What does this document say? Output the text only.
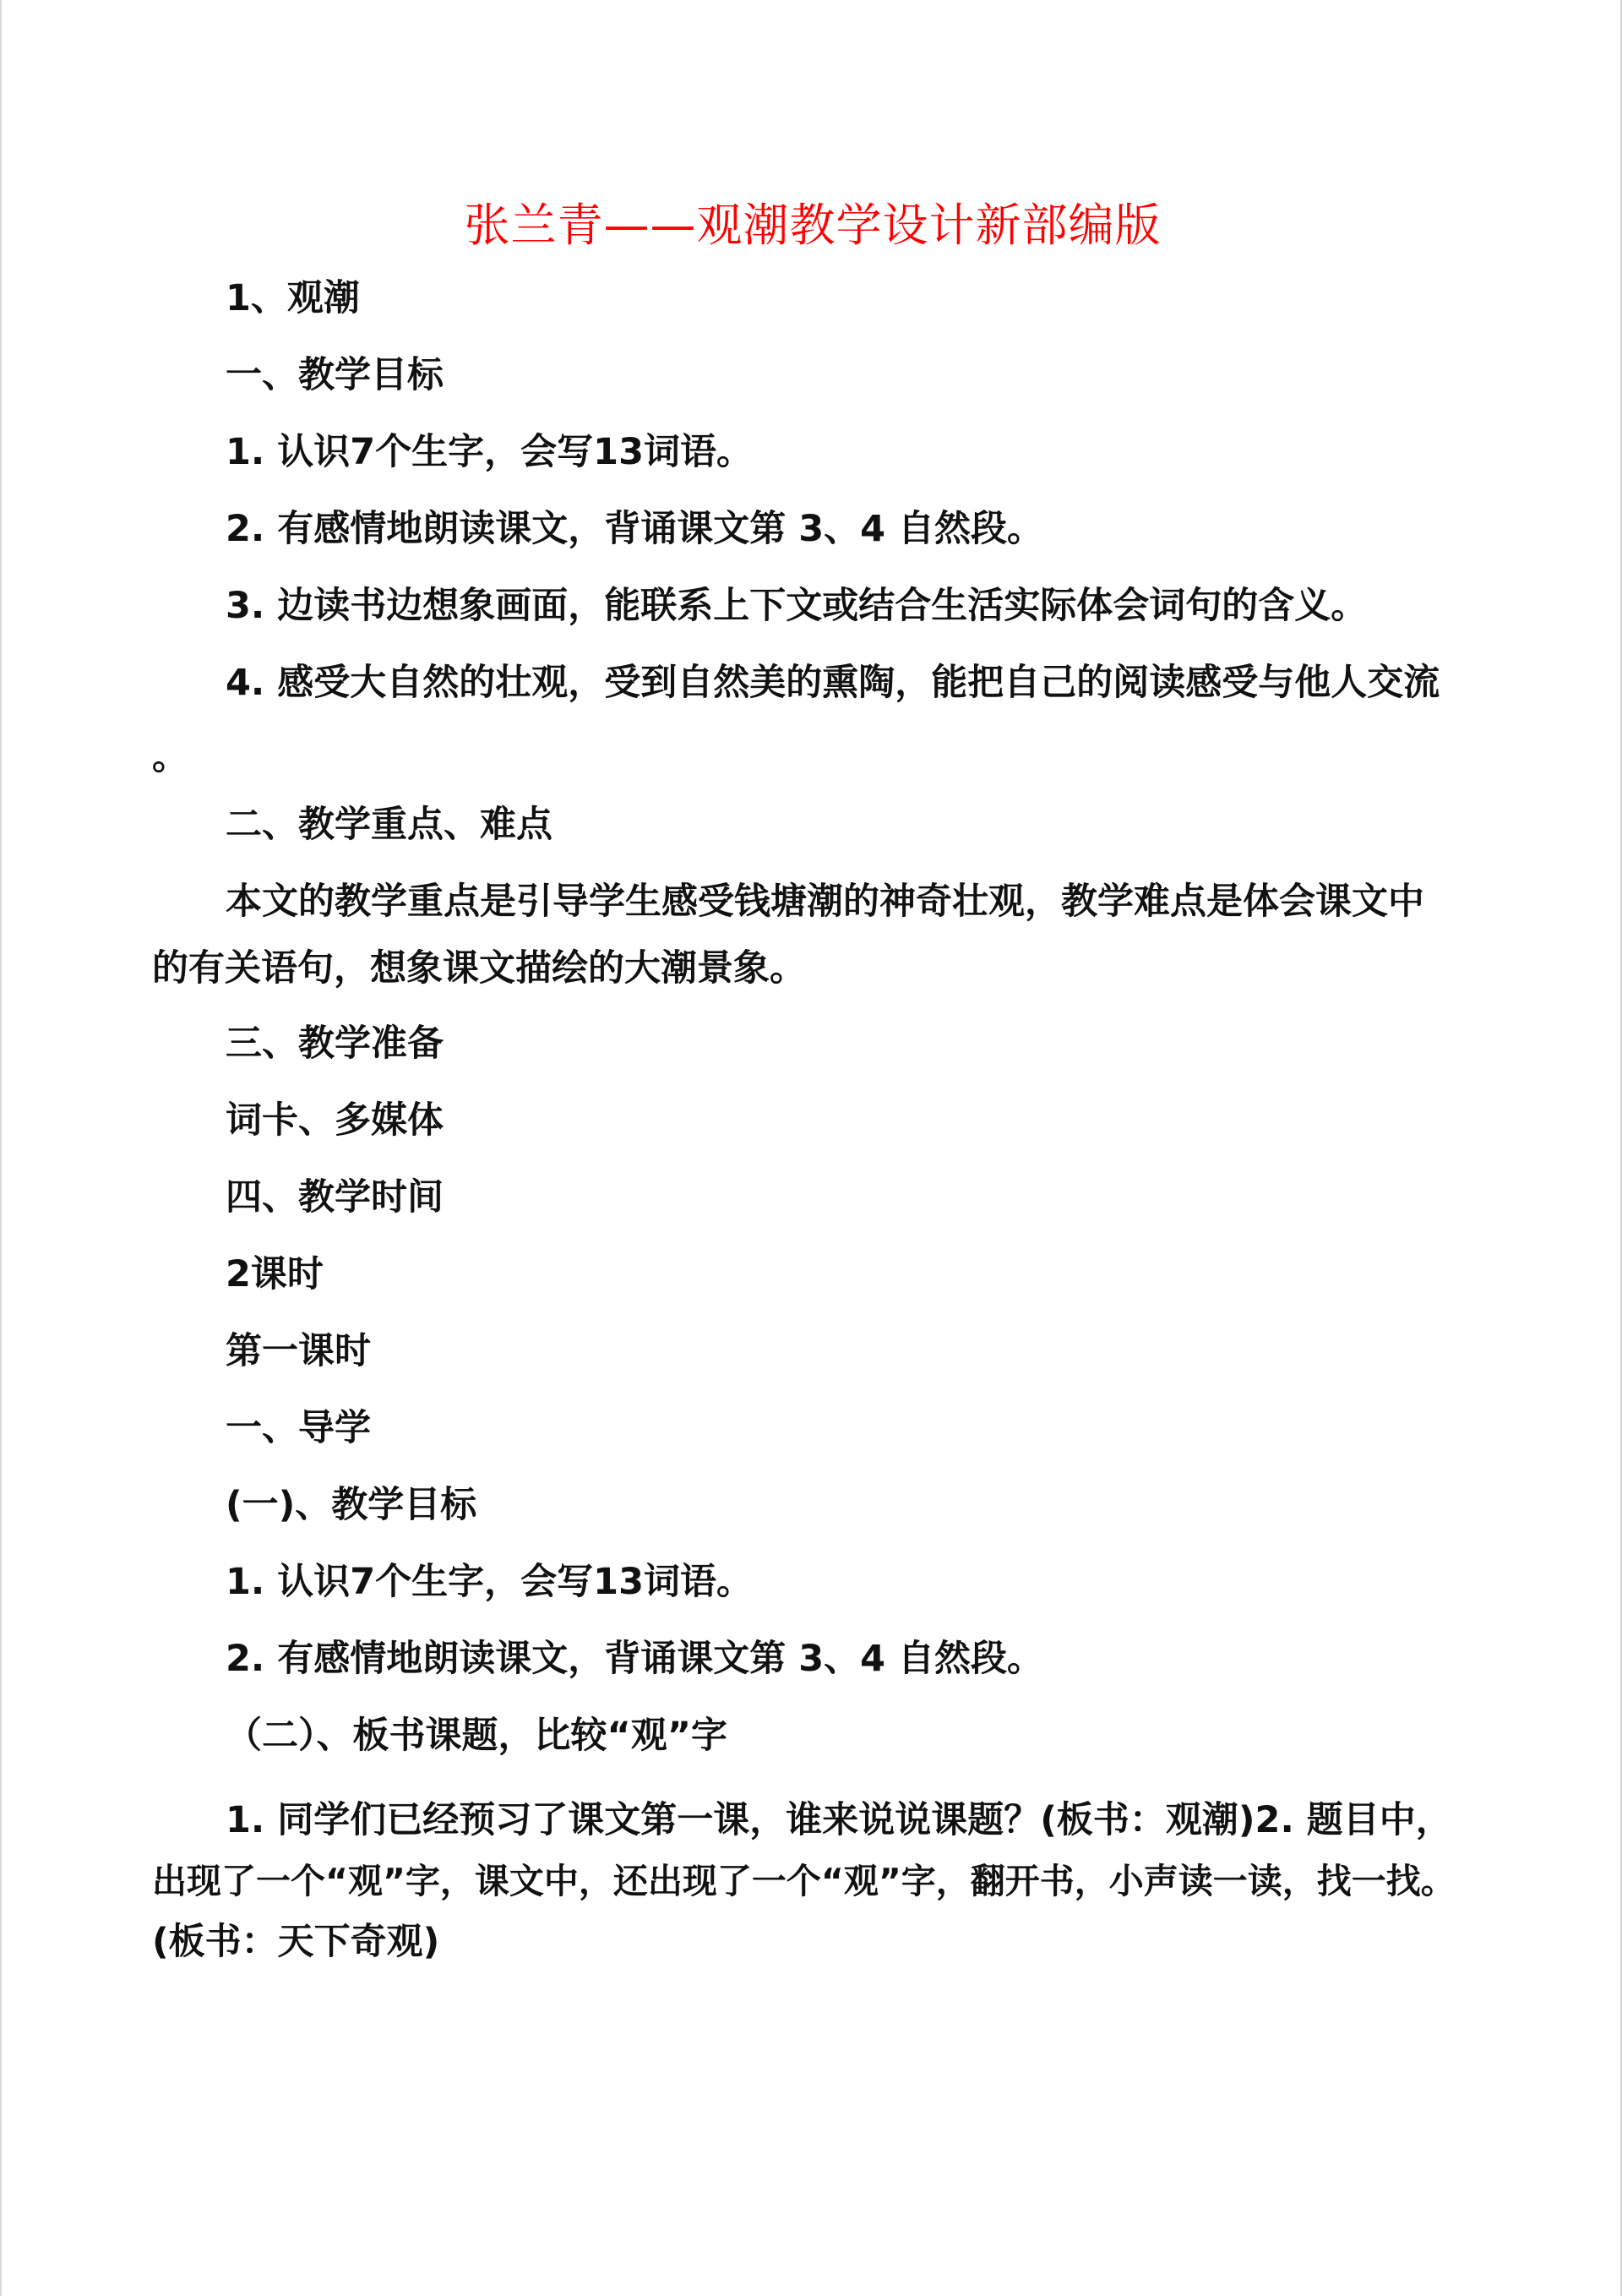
张兰青——观潮教学设计新部编版
1、观潮
一、教学目标
1. 认识7个生字，会写13词语。
2. 有感情地朗读课文，背诵课文第 3、4 自然段。
3. 边读书边想象画面，能联系上下文或结合生活实际体会词句的含义。
4. 感受大自然的壮观，受到自然美的熏陶，能把自己的阅读感受与他人交流
。
二、教学重点、难点
本文的教学重点是引导学生感受钱塘潮的神奇壮观，教学难点是体会课文中
的有关语句，想象课文描绘的大潮景象。
三、教学准备
词卡、多媒体
四、教学时间
2课时
第一课时
一、导学
(一)、教学目标
1. 认识7个生字，会写13词语。
2. 有感情地朗读课文，背诵课文第 3、4 自然段。
（二）、板书课题，比较“观”字
1. 同学们已经预习了课文第一课，谁来说说课题？(板书：观潮)2. 题目中，
出现了一个“观”字，课文中，还出现了一个“观”字，翻开书，小声读一读，找一找。
(板书：天下奇观)
